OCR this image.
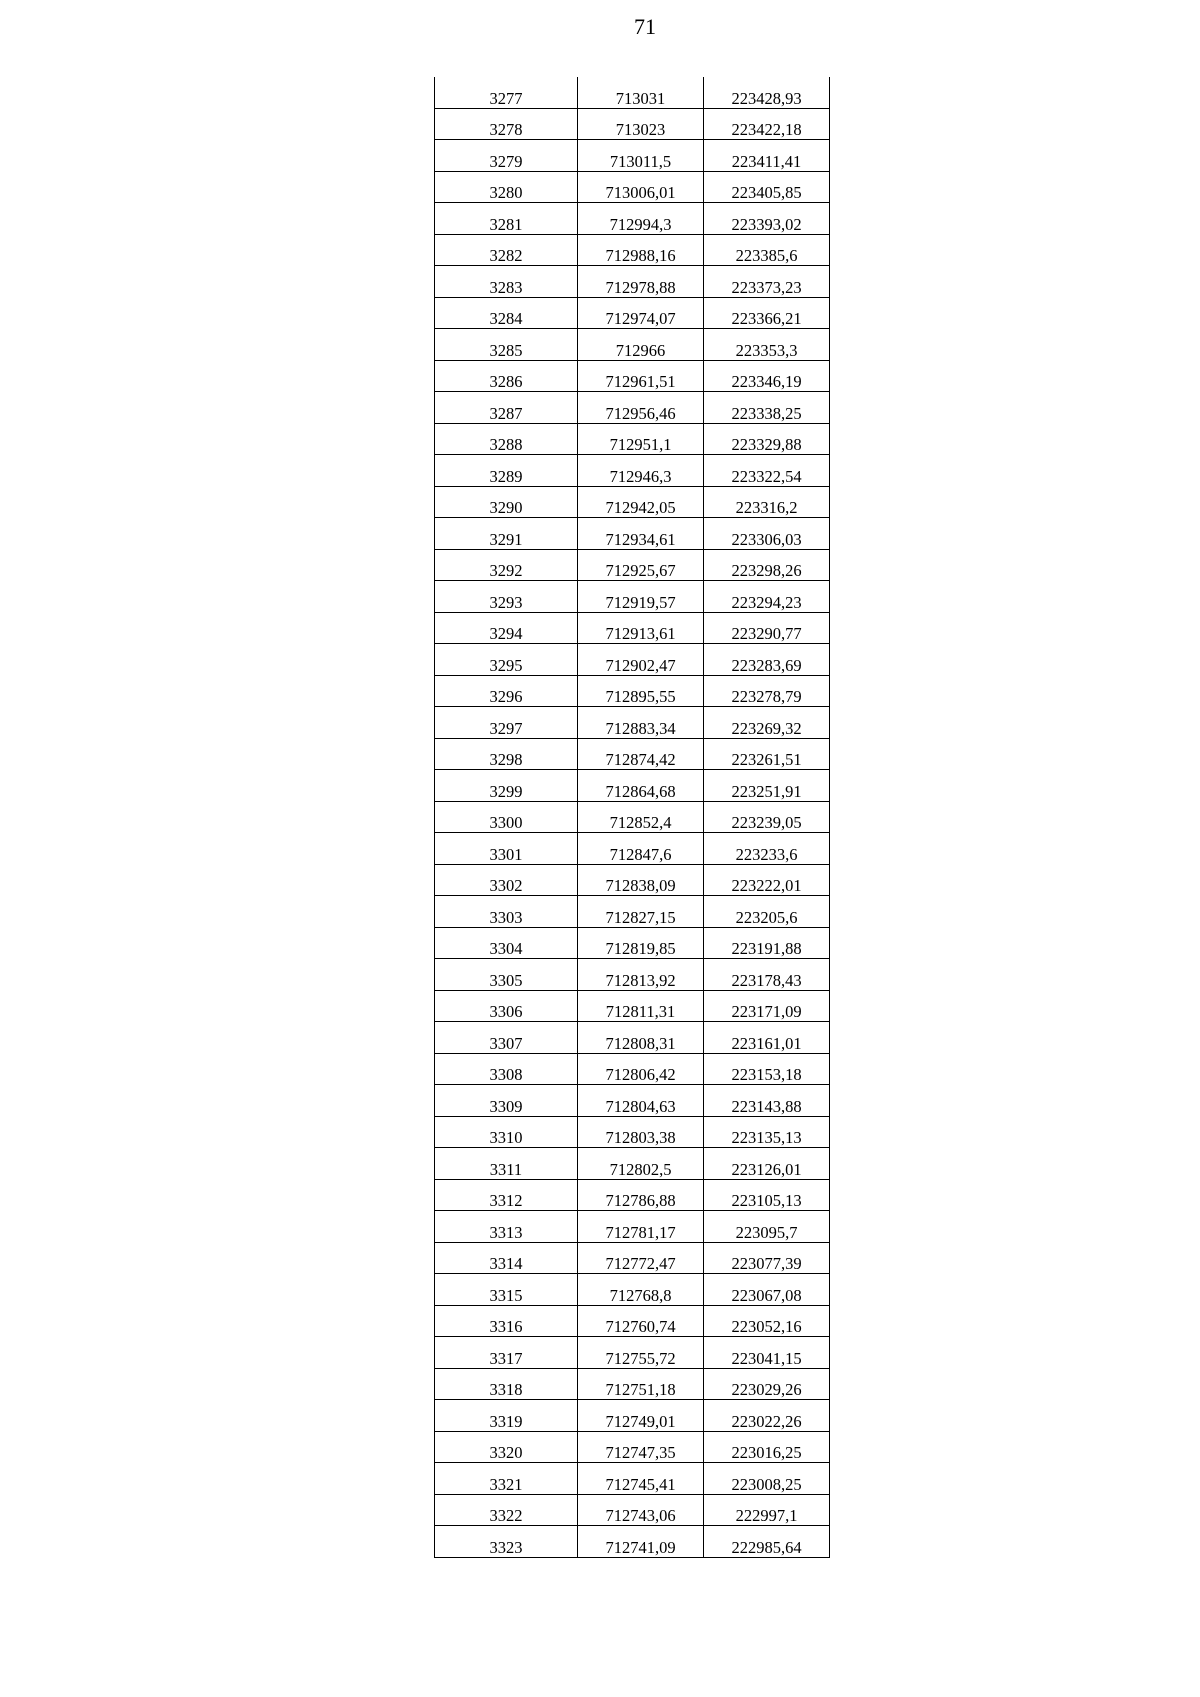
71
3277	713031	223428,93
3278	713023	223422,18
3279	713011,5	223411,41
3280	713006,01	223405,85
3281	712994,3	223393,02
3282	712988,16	223385,6
3283	712978,88	223373,23
3284	712974,07	223366,21
3285	712966	223353,3
3286	712961,51	223346,19
3287	712956,46	223338,25
3288	712951,1	223329,88
3289	712946,3	223322,54
3290	712942,05	223316,2
3291	712934,61	223306,03
3292	712925,67	223298,26
3293	712919,57	223294,23
3294	712913,61	223290,77
3295	712902,47	223283,69
3296	712895,55	223278,79
3297	712883,34	223269,32
3298	712874,42	223261,51
3299	712864,68	223251,91
3300	712852,4	223239,05
3301	712847,6	223233,6
3302	712838,09	223222,01
3303	712827,15	223205,6
3304	712819,85	223191,88
3305	712813,92	223178,43
3306	712811,31	223171,09
3307	712808,31	223161,01
3308	712806,42	223153,18
3309	712804,63	223143,88
3310	712803,38	223135,13
3311	712802,5	223126,01
3312	712786,88	223105,13
3313	712781,17	223095,7
3314	712772,47	223077,39
3315	712768,8	223067,08
3316	712760,74	223052,16
3317	712755,72	223041,15
3318	712751,18	223029,26
3319	712749,01	223022,26
3320	712747,35	223016,25
3321	712745,41	223008,25
3322	712743,06	222997,1
3323	712741,09	222985,64
